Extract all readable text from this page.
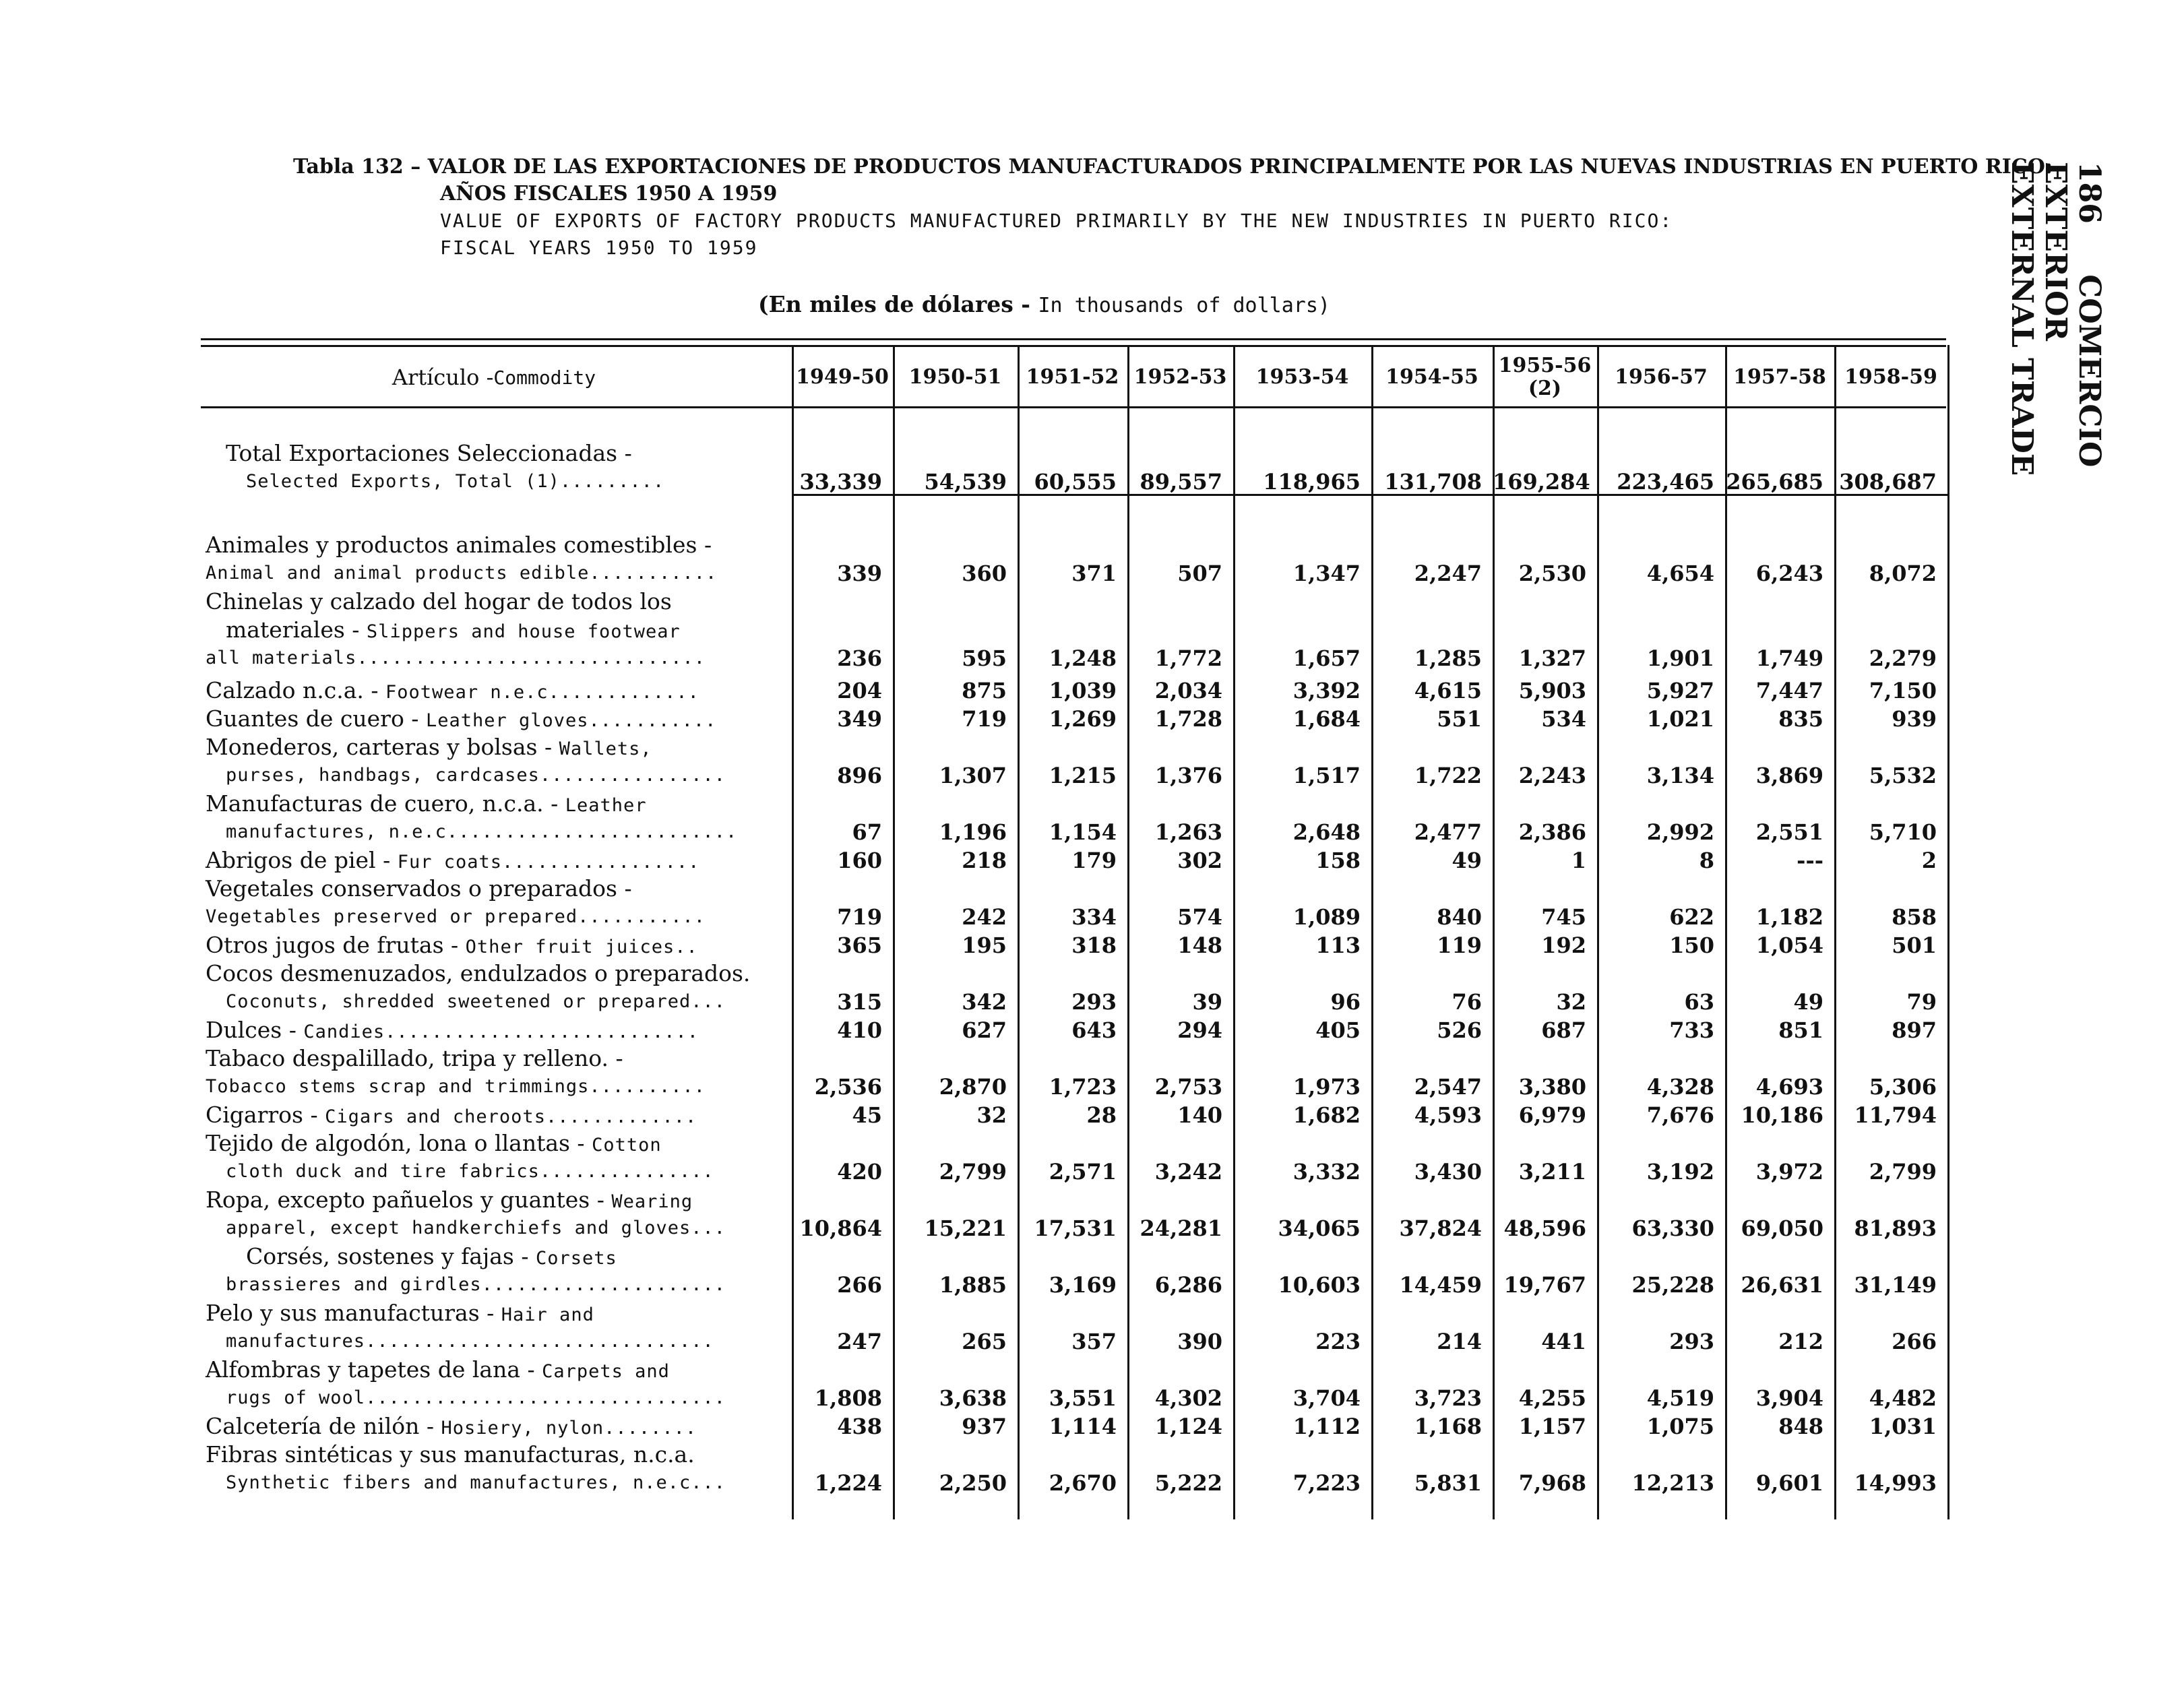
Tabla 132 – VALOR DE LAS EXPORTACIONES DE PRODUCTOS MANUFACTURADOS PRINCIPALMENTE POR LAS NUEVAS INDUSTRIAS EN PUERTO RICO:
AÑOS FISCALES 1950 A 1959
VALUE OF EXPORTS OF FACTORY PRODUCTS MANUFACTURED PRIMARILY BY THE NEW INDUSTRIES IN PUERTO RICO:
FISCAL YEARS 1950 TO 1959
(En miles de dólares - In thousands of dollars)
186 COMERCIO EXTERIOR
EXTERNAL TRADE
Artículo - Commodity	1949-50 1950-51	1951-52 1952-53	1953-54	1954-55 1955-56 (2)	1956-57	1957-58 1958-59
Total Exportaciones Seleccionadas -
Selected Exports, Total (1).........	33,339	54,539	60,555	89,557	118,965	131,708 169,284	223,465 265,685 308,687
Animales y productos animales comestibles -
Animal and animal products edible...........	339	360	371	507	1,347	2,247	2,530	4,654	6,243	8,072
Chinelas y calzado del hogar de todos los
materiales - Slippers and house footwear
all materials..............................	236	595	1,248	1,772	1,657	1,285	1,327	1,901	1,749	2,279
Calzado n.c.a. - Footwear n.e.c.............	204	875	1,039	2,034	3,392	4,615	5,903	5,927	7,447	7,150
Guantes de cuero - Leather gloves...........	349	719	1,269	1,728	1,684	551	534	1,021	835	939
Monederos, carteras y bolsas - Wallets,
purses, handbags, cardcases................	896	1,307	1,215	1,376	1,517	1,722	2,243	3,134	3,869	5,532
Manufacturas de cuero, n.c.a. - Leather
manufactures, n.e.c.........................	67	1,196	1,154	1,263	2,648	2,477	2,386	2,992	2,551	5,710
Abrigos de piel - Fur coats.................	160	218	179	302	158	49	1	8	---	2
Vegetales conservados o preparados -
Vegetables preserved or prepared...........	719	242	334	574	1,089	840	745	622	1,182	858
Otros jugos de frutas - Other fruit juices..	365	195	318	148	113	119	192	150	1,054	501
Cocos desmenuzados, endulzados o preparados.
Coconuts, shredded sweetened or prepared...	315	342	293	39	96	76	32	63	49	79
Dulces - Candies...........................	410	627	643	294	405	526	687	733	851	897
Tabaco despalillado, tripa y relleno. -
Tobacco stems scrap and trimmings..........	2,536	2,870	1,723	2,753	1,973	2,547	3,380	4,328	4,693	5,306
Cigarros - Cigars and cheroots.............	45	32	28	140	1,682	4,593	6,979	7,676	10,186	11,794
Tejido de algodón, lona o llantas - Cotton
cloth duck and tire fabrics...............	420	2,799	2,571	3,242	3,332	3,430	3,211	3,192	3,972	2,799
Ropa, excepto pañuelos y guantes - Wearing
apparel, except handkerchiefs and gloves...	10,864	15,221	17,531	24,281	34,065	37,824	48,596	63,330	69,050	81,893
Corsés, sostenes y fajas - Corsets
brassieres and girdles.....................	266	1,885	3,169	6,286	10,603	14,459	19,767	25,228	26,631	31,149
Pelo y sus manufacturas - Hair and
manufactures..............................	247	265	357	390	223	214	441	293	212	266
Alfombras y tapetes de lana - Carpets and
rugs of wool...............................	1,808	3,638	3,551	4,302	3,704	3,723	4,255	4,519	3,904	4,482
Calcetería de nilón - Hosiery, nylon........	438	937	1,114	1,124	1,112	1,168	1,157	1,075	848	1,031
Fibras sintéticas y sus manufacturas, n.c.a.
Synthetic fibers and manufactures, n.e.c...	1,224	2,250	2,670	5,222	7,223	5,831	7,968	12,213	9,601	14,993
